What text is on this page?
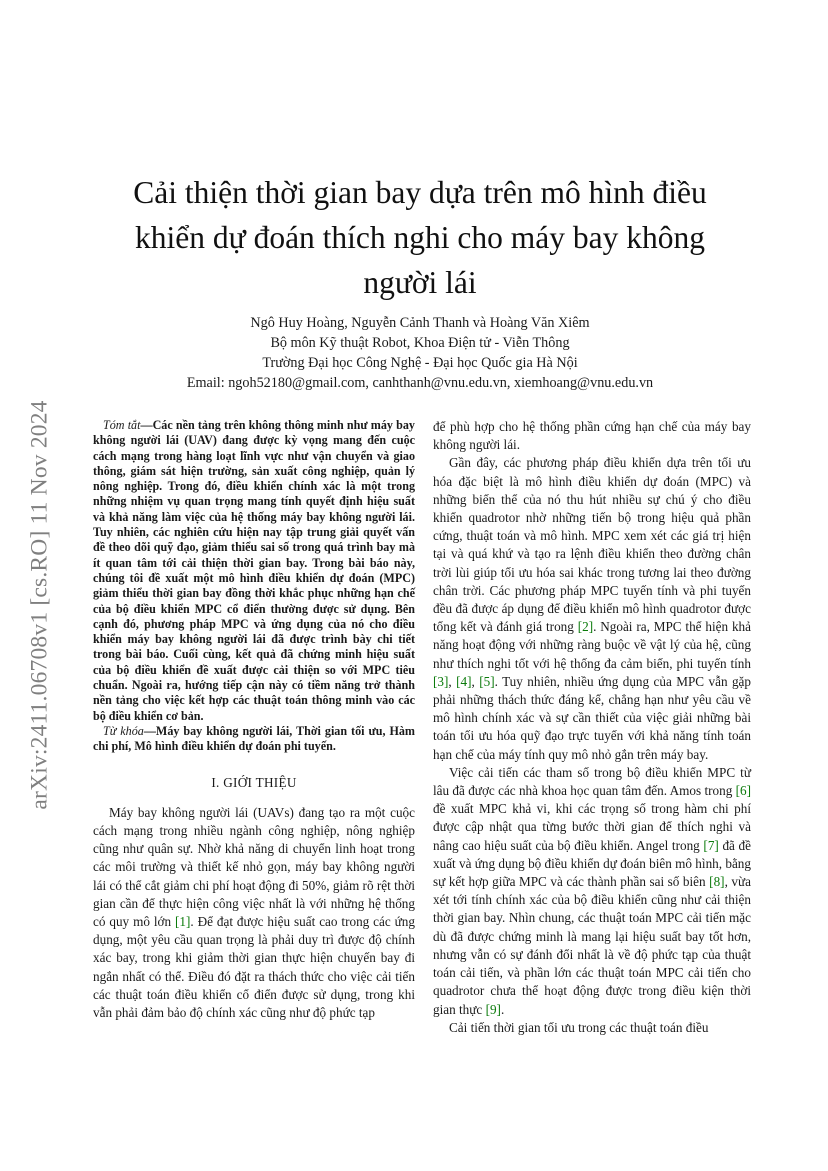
arXiv:2411.06708v1 [cs.RO] 11 Nov 2024
Cải thiện thời gian bay dựa trên mô hình điều
khiển dự đoán thích nghi cho máy bay không
người lái
Ngô Huy Hoàng, Nguyễn Cảnh Thanh và Hoàng Văn Xiêm
Bộ môn Kỹ thuật Robot, Khoa Điện tử - Viễn Thông
Trường Đại học Công Nghệ - Đại học Quốc gia Hà Nội
Email: ngoh52180@gmail.com, canhthanh@vnu.edu.vn, xiemhoang@vnu.edu.vn

Tóm tắt—Các nền tảng trên không thông minh như máy bay không người lái (UAV) đang được kỳ vọng mang đến cuộc cách mạng trong hàng loạt lĩnh vực như vận chuyển và giao thông, giám sát hiện trường, sản xuất công nghiệp, quản lý nông nghiệp. Trong đó, điều khiển chính xác là một trong những nhiệm vụ quan trọng mang tính quyết định hiệu suất và khả năng làm việc của hệ thống máy bay không người lái. Tuy nhiên, các nghiên cứu hiện nay tập trung giải quyết vấn đề theo dõi quỹ đạo, giảm thiểu sai số trong quá trình bay mà ít quan tâm tới cải thiện thời gian bay. Trong bài báo này, chúng tôi đề xuất một mô hình điều khiển dự đoán (MPC) giảm thiểu thời gian bay đồng thời khắc phục những hạn chế của bộ điều khiển MPC cổ điển thường được sử dụng. Bên cạnh đó, phương pháp MPC và ứng dụng của nó cho điều khiển máy bay không người lái đã được trình bày chi tiết trong bài báo. Cuối cùng, kết quả đã chứng minh hiệu suất của bộ điều khiển đề xuất được cải thiện so với MPC tiêu chuẩn. Ngoài ra, hướng tiếp cận này có tiềm năng trở thành nền tảng cho việc kết hợp các thuật toán thông minh vào các bộ điều khiển cơ bản.

Từ khóa—Máy bay không người lái, Thời gian tối ưu, Hàm chi phí, Mô hình điều khiển dự đoán phi tuyến.

I. GIỚI THIỆU

Máy bay không người lái (UAVs) đang tạo ra một cuộc cách mạng trong nhiều ngành công nghiệp, nông nghiệp cũng như quân sự. Nhờ khả năng di chuyển linh hoạt trong các môi trường và thiết kế nhỏ gọn, máy bay không người lái có thể cắt giảm chi phí hoạt động đi 50%, giảm rõ rệt thời gian cần để thực hiện công việc nhất là với những hệ thống có quy mô lớn [1]. Để đạt được hiệu suất cao trong các ứng dụng, một yêu cầu quan trọng là phải duy trì được độ chính xác bay, trong khi giảm thời gian thực hiện chuyến bay đi ngắn nhất có thể. Điều đó đặt ra thách thức cho việc cải tiến các thuật toán điều khiển cổ điển được sử dụng, trong khi vẫn phải đảm bảo độ chính xác cũng như độ phức tạp

để phù hợp cho hệ thống phần cứng hạn chế của máy bay không người lái.

Gần đây, các phương pháp điều khiển dựa trên tối ưu hóa đặc biệt là mô hình điều khiển dự đoán (MPC) và những biến thể của nó thu hút nhiều sự chú ý cho điều khiển quadrotor nhờ những tiến bộ trong hiệu quả phần cứng, thuật toán và mô hình. MPC xem xét các giá trị hiện tại và quá khứ và tạo ra lệnh điều khiển theo đường chân trời lùi giúp tối ưu hóa sai khác trong tương lai theo đường chân trời. Các phương pháp MPC tuyến tính và phi tuyến đều đã được áp dụng để điều khiển mô hình quadrotor được tổng kết và đánh giá trong [2]. Ngoài ra, MPC thể hiện khả năng hoạt động với những ràng buộc về vật lý của hệ, cũng như thích nghi tốt với hệ thống đa cảm biến, phi tuyến tính [3], [4], [5]. Tuy nhiên, nhiều ứng dụng của MPC vẫn gặp phải những thách thức đáng kể, chẳng hạn như yêu cầu về mô hình chính xác và sự cần thiết của việc giải những bài toán tối ưu hóa quỹ đạo trực tuyến với khả năng tính toán hạn chế của máy tính quy mô nhỏ gắn trên máy bay.

Việc cải tiến các tham số trong bộ điều khiển MPC từ lâu đã được các nhà khoa học quan tâm đến. Amos trong [6] đề xuất MPC khả vi, khi các trọng số trong hàm chi phí được cập nhật qua từng bước thời gian để thích nghi và nâng cao hiệu suất của bộ điều khiển. Angel trong [7] đã đề xuất và ứng dụng bộ điều khiển dự đoán biên mô hình, bằng sự kết hợp giữa MPC và các thành phần sai số biên [8], vừa xét tới tính chính xác của bộ điều khiển cũng như cải thiện thời gian bay. Nhìn chung, các thuật toán MPC cải tiến mặc dù đã được chứng minh là mang lại hiệu suất bay tốt hơn, nhưng vẫn có sự đánh đổi nhất là về độ phức tạp của thuật toán cải tiến, và phần lớn các thuật toán MPC cải tiến cho quadrotor chưa thể hoạt động được trong điều kiện thời gian thực [9].

Cải tiến thời gian tối ưu trong các thuật toán điều
